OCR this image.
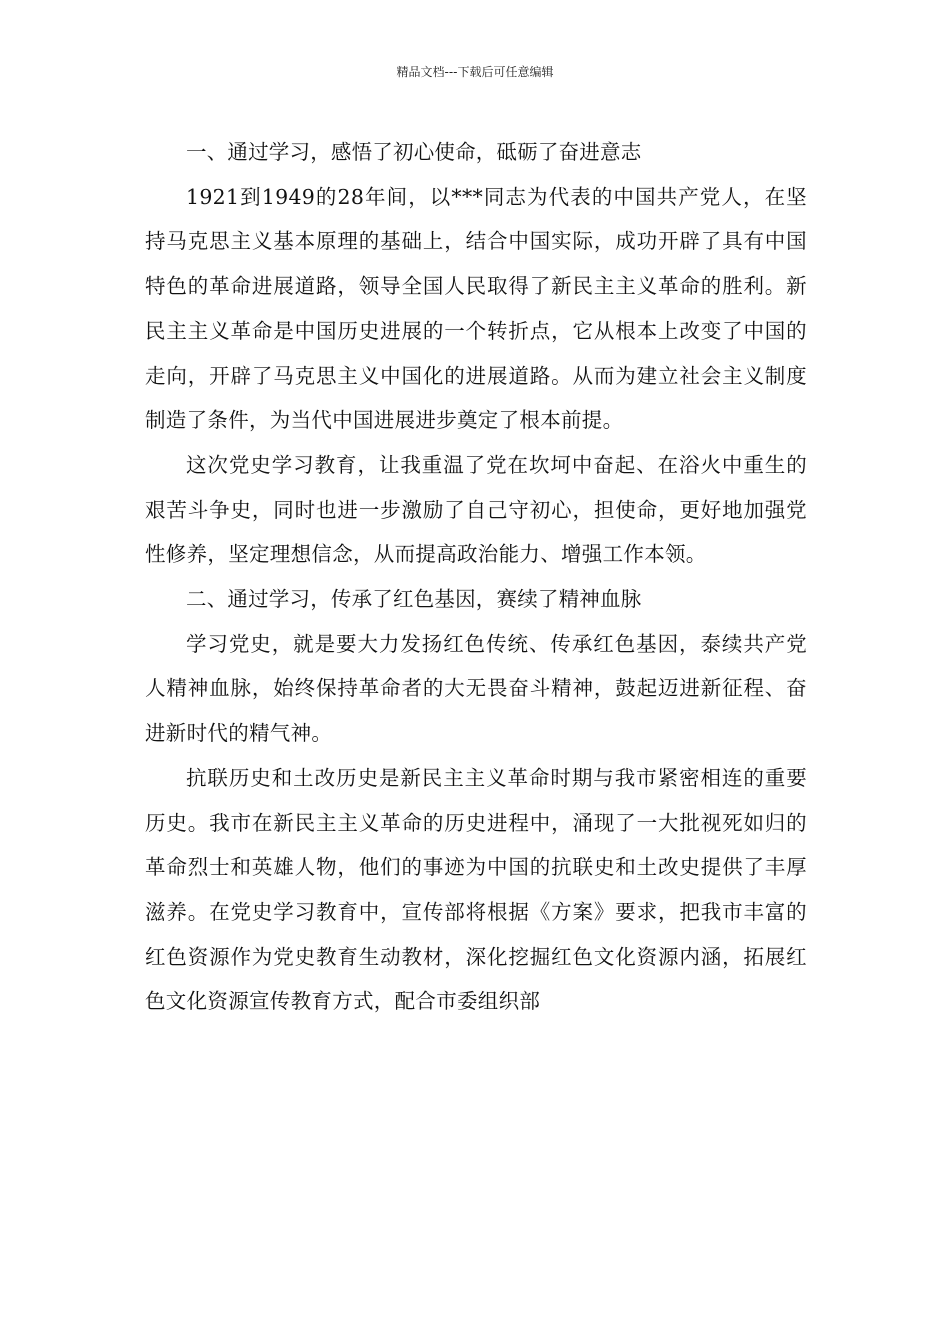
精品文档---下载后可任意编辑

一、通过学习，感悟了初心使命，砥砺了奋进意志

1921到1949的28年间，以***同志为代表的中国共产党人，在坚持马克思主义基本原理的基础上，结合中国实际，成功开辟了具有中国特色的革命进展道路，领导全国人民取得了新民主主义革命的胜利。新民主主义革命是中国历史进展的一个转折点，它从根本上改变了中国的走向，开辟了马克思主义中国化的进展道路。从而为建立社会主义制度制造了条件，为当代中国进展进步奠定了根本前提。

这次党史学习教育，让我重温了党在坎坷中奋起、在浴火中重生的艰苦斗争史，同时也进一步激励了自己守初心，担使命，更好地加强党性修养，坚定理想信念，从而提高政治能力、增强工作本领。

二、通过学习，传承了红色基因，赛续了精神血脉

学习党史，就是要大力发扬红色传统、传承红色基因，泰续共产党人精神血脉，始终保持革命者的大无畏奋斗精神，鼓起迈进新征程、奋进新时代的精气神。

抗联历史和土改历史是新民主主义革命时期与我市紧密相连的重要历史。我市在新民主主义革命的历史进程中，涌现了一大批视死如归的革命烈士和英雄人物，他们的事迹为中国的抗联史和土改史提供了丰厚滋养。在党史学习教育中，宣传部将根据《方案》要求，把我市丰富的红色资源作为党史教育生动教材，深化挖掘红色文化资源内涵，拓展红色文化资源宣传教育方式，配合市委组织部
